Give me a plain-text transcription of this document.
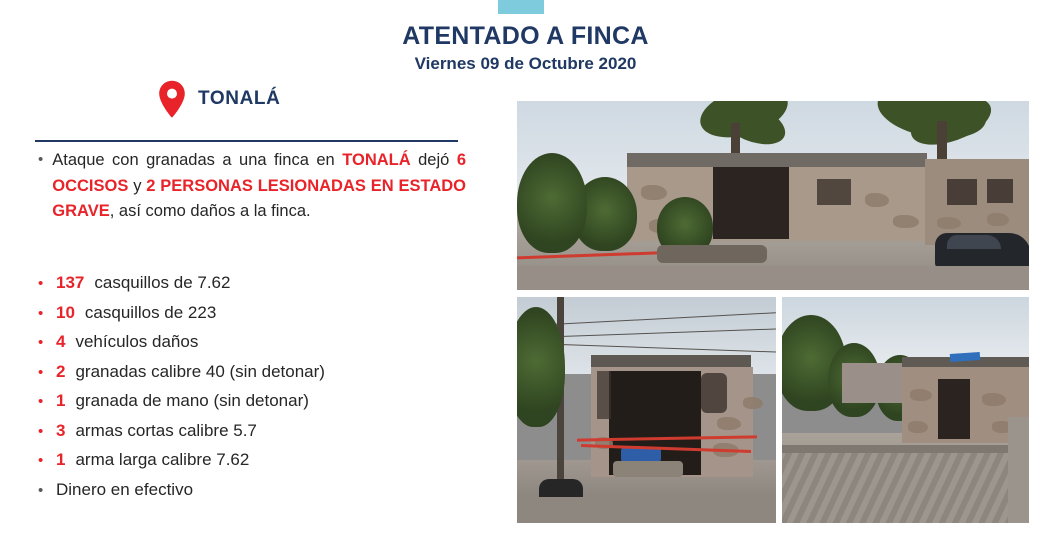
ATENTADO A FINCA
Viernes 09 de Octubre 2020
TONALÁ
• Ataque con granadas a una finca en TONALÁ dejó 6 OCCISOS y 2 PERSONAS LESIONADAS EN ESTADO GRAVE, así como daños a la finca.
• 137 casquillos de 7.62
• 10 casquillos de 223
• 4 vehículos daños
• 2 granadas calibre 40 (sin detonar)
• 1 granada de mano (sin detonar)
• 3 armas cortas calibre 5.7
• 1 arma larga calibre 7.62
• Dinero en efectivo
